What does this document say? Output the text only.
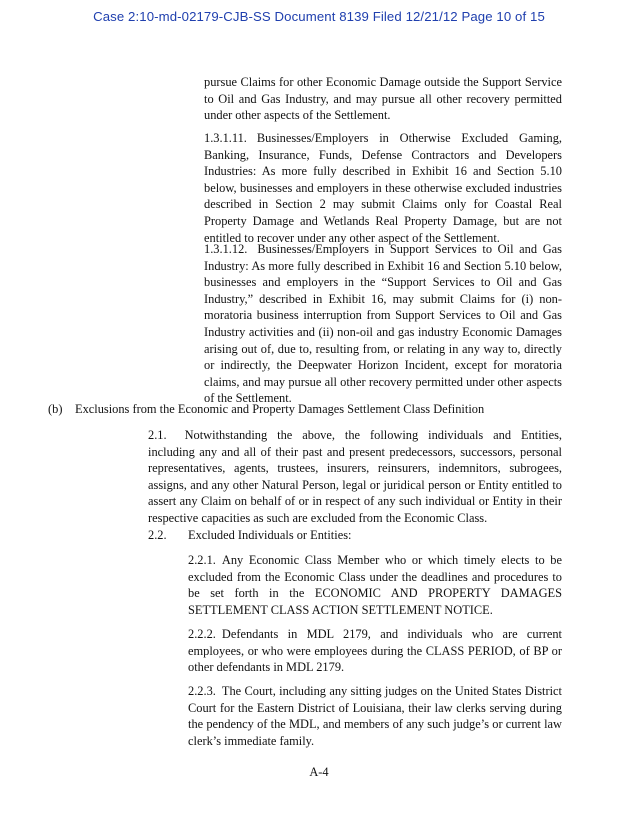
Case 2:10-md-02179-CJB-SS Document 8139 Filed 12/21/12 Page 10 of 15
pursue Claims for other Economic Damage outside the Support Service to Oil and Gas Industry, and may pursue all other recovery permitted under other aspects of the Settlement.
1.3.1.11. Businesses/Employers in Otherwise Excluded Gaming, Banking, Insurance, Funds, Defense Contractors and Developers Industries: As more fully described in Exhibit 16 and Section 5.10 below, businesses and employers in these otherwise excluded industries described in Section 2 may submit Claims only for Coastal Real Property Damage and Wetlands Real Property Damage, but are not entitled to recover under any other aspect of the Settlement.
1.3.1.12. Businesses/Employers in Support Services to Oil and Gas Industry: As more fully described in Exhibit 16 and Section 5.10 below, businesses and employers in the “Support Services to Oil and Gas Industry,” described in Exhibit 16, may submit Claims for (i) non-moratoria business interruption from Support Services to Oil and Gas Industry activities and (ii) non-oil and gas industry Economic Damages arising out of, due to, resulting from, or relating in any way to, directly or indirectly, the Deepwater Horizon Incident, except for moratoria claims, and may pursue all other recovery permitted under other aspects of the Settlement.
(b) Exclusions from the Economic and Property Damages Settlement Class Definition
2.1. Notwithstanding the above, the following individuals and Entities, including any and all of their past and present predecessors, successors, personal representatives, agents, trustees, insurers, reinsurers, indemnitors, subrogees, assigns, and any other Natural Person, legal or juridical person or Entity entitled to assert any Claim on behalf of or in respect of any such individual or Entity in their respective capacities as such are excluded from the Economic Class.
2.2. Excluded Individuals or Entities:
2.2.1. Any Economic Class Member who or which timely elects to be excluded from the Economic Class under the deadlines and procedures to be set forth in the ECONOMIC AND PROPERTY DAMAGES SETTLEMENT CLASS ACTION SETTLEMENT NOTICE.
2.2.2. Defendants in MDL 2179, and individuals who are current employees, or who were employees during the CLASS PERIOD, of BP or other defendants in MDL 2179.
2.2.3. The Court, including any sitting judges on the United States District Court for the Eastern District of Louisiana, their law clerks serving during the pendency of the MDL, and members of any such judge’s or current law clerk’s immediate family.
A-4
